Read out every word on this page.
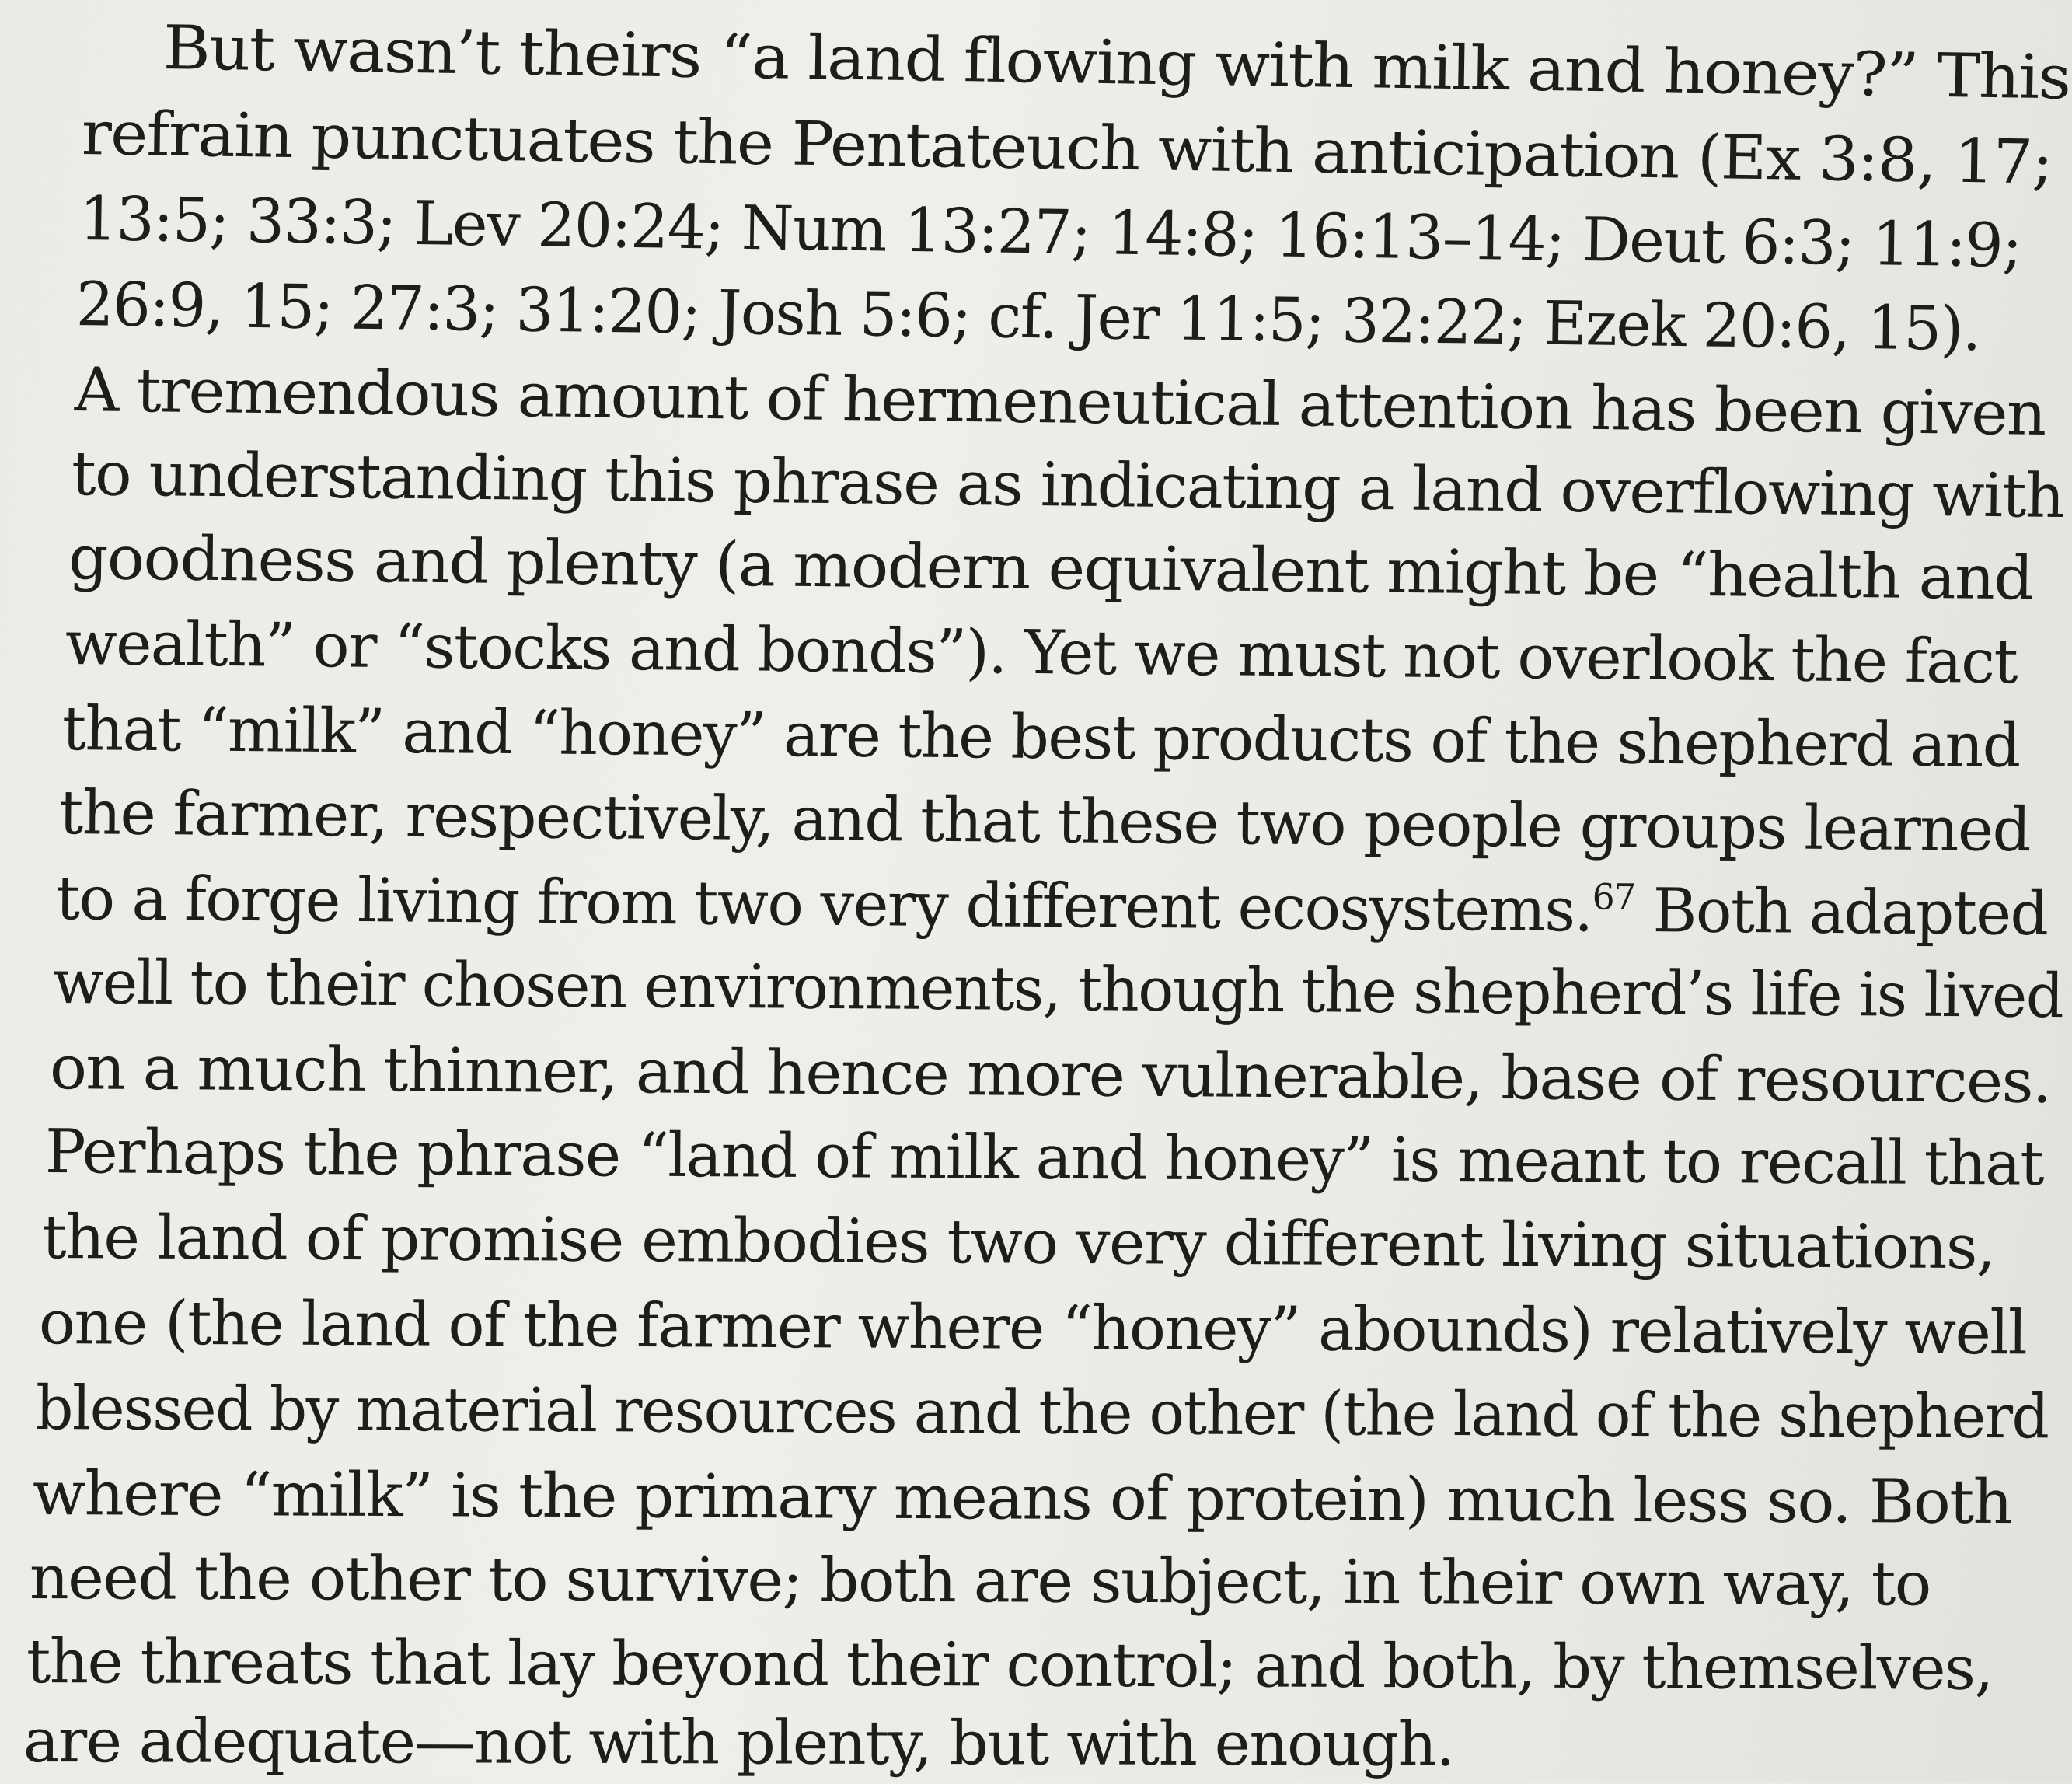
But wasn’t theirs “a land flowing with milk and honey?” This
refrain punctuates the Pentateuch with anticipation (Ex 3:8, 17;
13:5; 33:3; Lev 20:24; Num 13:27; 14:8; 16:13–14; Deut 6:3; 11:9;
26:9, 15; 27:3; 31:20; Josh 5:6; cf. Jer 11:5; 32:22; Ezek 20:6, 15).
A tremendous amount of hermeneutical attention has been given
to understanding this phrase as indicating a land overflowing with
goodness and plenty (a modern equivalent might be “health and
wealth” or “stocks and bonds”). Yet we must not overlook the fact
that “milk” and “honey” are the best products of the shepherd and
the farmer, respectively, and that these two people groups learned
to a forge living from two very different ecosystems.$^{67}$ Both adapted
well to their chosen environments, though the shepherd’s life is lived
on a much thinner, and hence more vulnerable, base of resources.
Perhaps the phrase “land of milk and honey” is meant to recall that
the land of promise embodies two very different living situations,
one (the land of the farmer where “honey” abounds) relatively well
blessed by material resources and the other (the land of the shepherd
where “milk” is the primary means of protein) much less so. Both
need the other to survive; both are subject, in their own way, to
the threats that lay beyond their control; and both, by themselves,
are adequate—not with plenty, but with enough.
